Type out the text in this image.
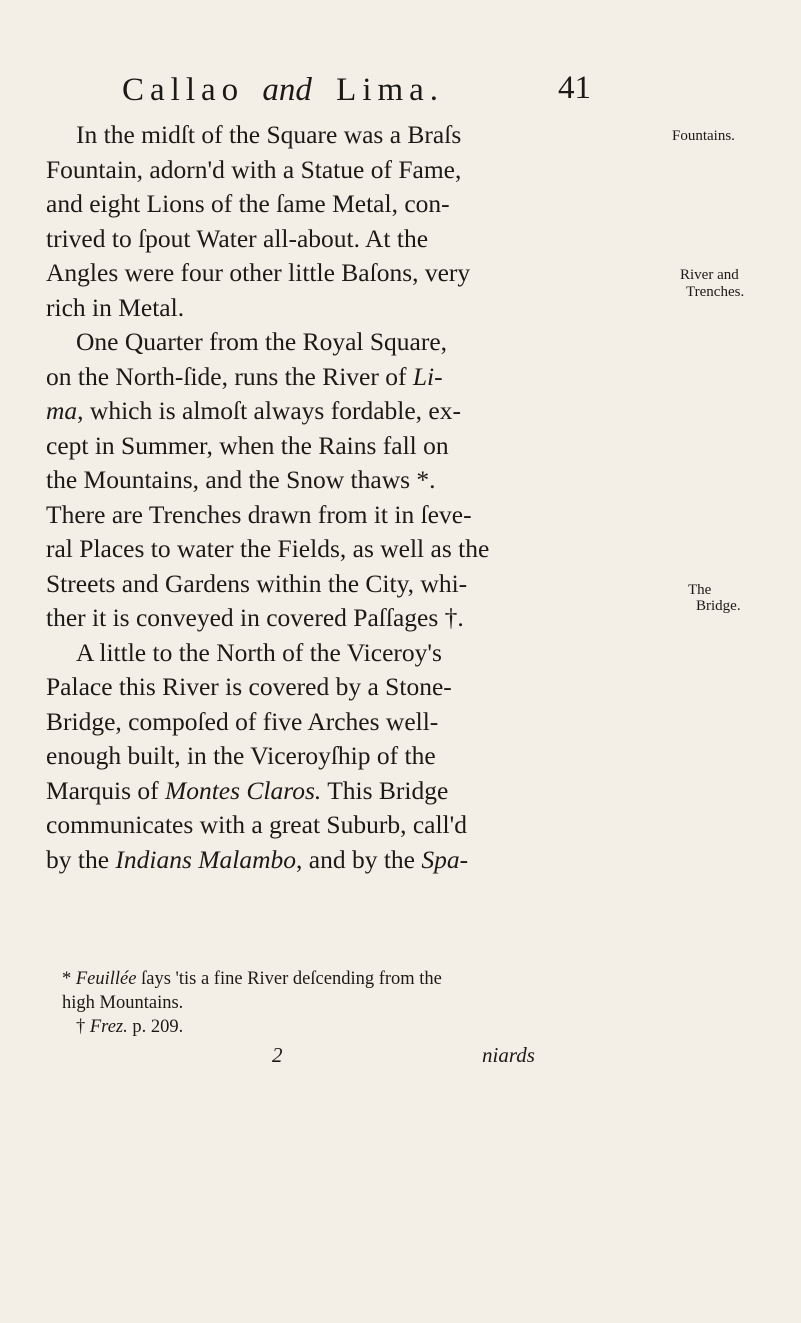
Callao and Lima.	41
In the midſt of the Square was a Braſs
Fountain, adorn'd with a Statue of Fame,
and eight Lions of the ſame Metal, con-
trived to ſpout Water all-about. At the
Angles were four other little Baſons, very
rich in Metal.
One Quarter from the Royal Square,
on the North-ſide, runs the River of Li-
ma, which is almoſt always fordable, ex-
cept in Summer, when the Rains fall on
the Mountains, and the Snow thaws *.
There are Trenches drawn from it in ſeve-
ral Places to water the Fields, as well as the
Streets and Gardens within the City, whi-
ther it is conveyed in covered Paſſages †.
A little to the North of the Viceroy's
Palace this River is covered by a Stone-
Bridge, compoſed of five Arches well-
enough built, in the Viceroyſhip of the
Marquis of Montes Claros. This Bridge
communicates with a great Suburb, call'd
by the Indians Malambo, and by the Spa-
Fountains.
River and
Trenches.
The
Bridge.
* Feuillée ſays 'tis a fine River deſcending from the
high Mountains.
† Frez. p. 209.
2	niards
